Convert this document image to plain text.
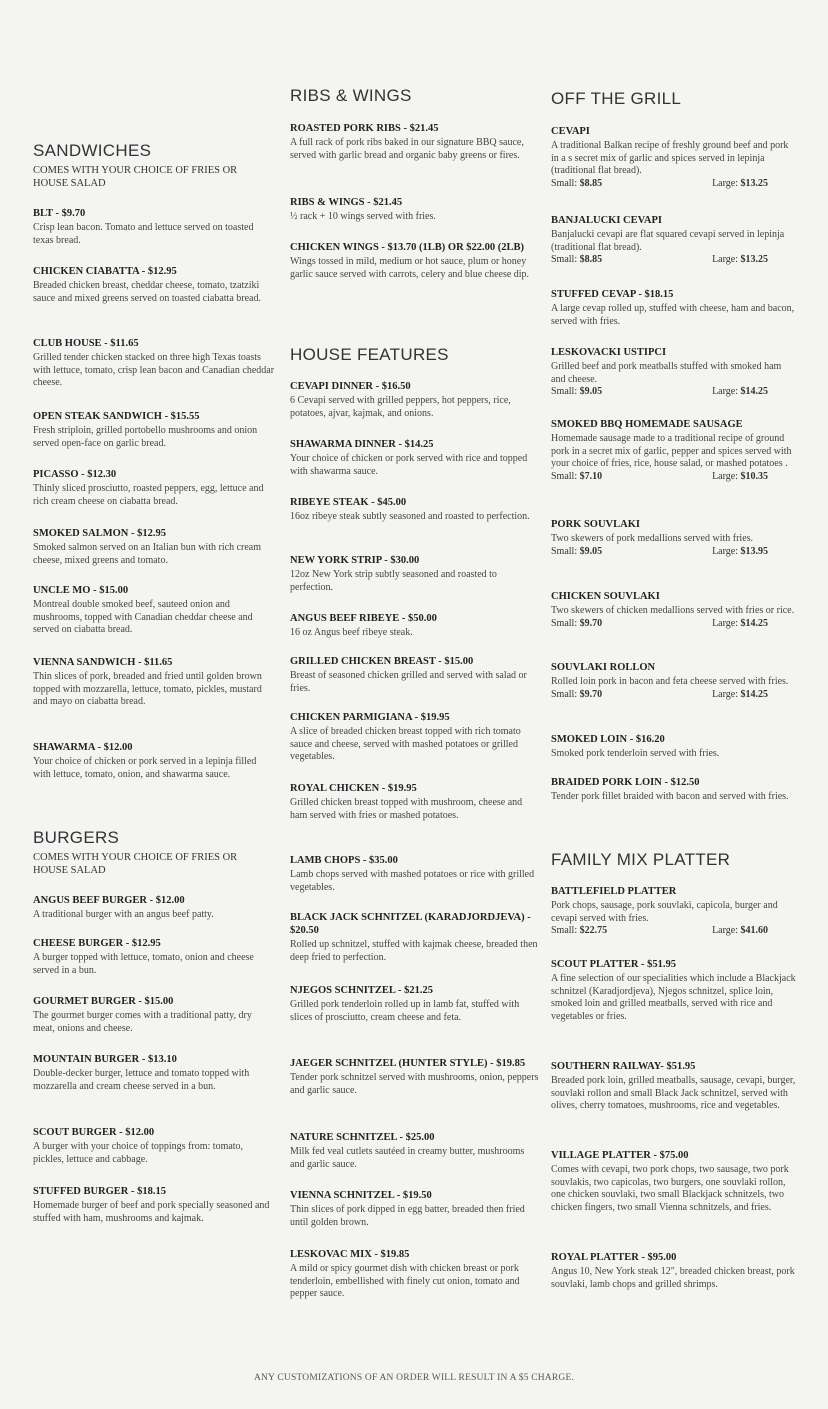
SANDWICHES
COMES WITH YOUR CHOICE OF FRIES OR HOUSE SALAD
BLT - $9.70
Crisp lean bacon. Tomato and lettuce served on toasted texas bread.
CHICKEN CIABATTA - $12.95
Breaded chicken breast, cheddar cheese, tomato, tzatziki sauce and mixed greens served on toasted ciabatta bread.
CLUB HOUSE - $11.65
Grilled tender chicken stacked on three high Texas toasts with lettuce, tomato, crisp lean bacon and Canadian cheddar cheese.
OPEN STEAK SANDWICH - $15.55
Fresh striploin, grilled portobello mushrooms and onion served open-face on garlic bread.
PICASSO - $12.30
Thinly sliced prosciutto, roasted peppers, egg, lettuce and rich cream cheese on ciabatta bread.
SMOKED SALMON - $12.95
Smoked salmon served on an Italian bun with rich cream cheese, mixed greens and tomato.
UNCLE MO - $15.00
Montreal double smoked beef, sauteed onion and mushrooms, topped with Canadian cheddar cheese and served on ciabatta bread.
VIENNA SANDWICH - $11.65
Thin slices of pork, breaded and fried until golden brown topped with mozzarella, lettuce, tomato, pickles, mustard and mayo on ciabatta bread.
SHAWARMA - $12.00
Your choice of chicken or pork served in a lepinja filled with lettuce, tomato, onion, and shawarma sauce.
BURGERS
COMES WITH YOUR CHOICE OF FRIES OR HOUSE SALAD
ANGUS BEEF BURGER - $12.00
A traditional burger with an angus beef patty.
CHEESE BURGER - $12.95
A burger topped with lettuce, tomato, onion and cheese served in a bun.
GOURMET BURGER - $15.00
The gourmet burger comes with a traditional patty, dry meat, onions and cheese.
MOUNTAIN BURGER - $13.10
Double-decker burger, lettuce and tomato topped with mozzarella and cream cheese served in a bun.
SCOUT BURGER - $12.00
A burger with your choice of toppings from: tomato, pickles, lettuce and cabbage.
STUFFED BURGER - $18.15
Homemade burger of beef and pork specially seasoned and stuffed with ham, mushrooms and kajmak.
RIBS & WINGS
ROASTED PORK RIBS - $21.45
A full rack of pork ribs baked in our signature BBQ sauce, served with garlic bread and organic baby greens or fires.
RIBS & WINGS - $21.45
½ rack + 10 wings served with fries.
CHICKEN WINGS - $13.70 (1LB) OR $22.00 (2LB)
Wings tossed in mild, medium or hot sauce, plum or honey garlic sauce served with carrots, celery and blue cheese dip.
HOUSE FEATURES
CEVAPI DINNER - $16.50
6 Cevapi served with grilled peppers, hot peppers, rice, potatoes, ajvar, kajmak, and onions.
SHAWARMA DINNER - $14.25
Your choice of chicken or pork served with rice and topped with shawarma sauce.
RIBEYE STEAK - $45.00
16oz ribeye steak subtly seasoned and roasted to perfection.
NEW YORK STRIP - $30.00
12oz New York strip subtly seasoned and roasted to perfection.
ANGUS BEEF RIBEYE - $50.00
16 oz Angus beef ribeye steak.
GRILLED CHICKEN BREAST - $15.00
Breast of seasoned chicken grilled and served with salad or fries.
CHICKEN PARMIGIANA - $19.95
A slice of breaded chicken breast topped with rich tomato sauce and cheese, served with mashed potatoes or grilled vegetables.
ROYAL CHICKEN - $19.95
Grilled chicken breast topped with mushroom, cheese and ham served with fries or mashed potatoes.
LAMB CHOPS - $35.00
Lamb chops served with mashed potatoes or rice with grilled vegetables.
BLACK JACK SCHNITZEL (KARADJORDJEVA) - $20.50
Rolled up schnitzel, stuffed with kajmak cheese, breaded then deep fried to perfection.
NJEGOS SCHNITZEL - $21.25
Grilled pork tenderloin rolled up in lamb fat, stuffed with slices of prosciutto, cream cheese and feta.
JAEGER SCHNITZEL (HUNTER STYLE) - $19.85
Tender pork schnitzel served with mushrooms, onion, peppers and garlic sauce.
NATURE SCHNITZEL - $25.00
Milk fed veal cutlets sautéed in creamy butter, mushrooms and garlic sauce.
VIENNA SCHNITZEL - $19.50
Thin slices of pork dipped in egg batter, breaded then fried until golden brown.
LESKOVAC MIX - $19.85
A mild or spicy gourmet dish with chicken breast or pork tenderloin, embellished with finely cut onion, tomato and pepper sauce.
OFF THE GRILL
CEVAPI
A traditional Balkan recipe of freshly ground beef and pork in a s secret mix of garlic and spices served in lepinja (traditional flat bread).
Small: $8.85	Large: $13.25
BANJALUCKI CEVAPI
Banjalucki cevapi are flat squared cevapi served in lepinja (traditional flat bread).
Small: $8.85	Large: $13.25
STUFFED CEVAP - $18.15
A large cevap rolled up, stuffed with cheese, ham and bacon, served with fries.
LESKOVACKI USTIPCI
Grilled beef and pork meatballs stuffed with smoked ham and cheese.
Small: $9.05	Large: $14.25
SMOKED BBQ HOMEMADE SAUSAGE
Homemade sausage made to a traditional recipe of ground pork in a secret mix of garlic, pepper and spices served with your choice of fries, rice, house salad, or mashed potatoes .
Small: $7.10	Large: $10.35
PORK SOUVLAKI
Two skewers of pork medallions served with fries.
Small: $9.05	Large: $13.95
CHICKEN SOUVLAKI
Two skewers of chicken medallions served with fries or rice.
Small: $9.70	Large: $14.25
SOUVLAKI ROLLON
Rolled loin pork in bacon and feta cheese served with fries.
Small: $9.70	Large: $14.25
SMOKED LOIN - $16.20
Smoked pork tenderloin served with fries.
BRAIDED PORK LOIN - $12.50
Tender pork fillet braided with bacon and served with fries.
FAMILY MIX PLATTER
BATTLEFIELD PLATTER
Pork chops, sausage, pork souvlaki, capicola, burger and cevapi served with fries.
Small: $22.75	Large: $41.60
SCOUT PLATTER - $51.95
A fine selection of our specialities which include a Blackjack schnitzel (Karadjordjeva), Njegos schnitzel, splice loin, smoked loin and grilled meatballs, served with rice and vegetables or fries.
SOUTHERN RAILWAY- $51.95
Breaded pork loin, grilled meatballs, sausage, cevapi, burger, souvlaki rollon and small Black Jack schnitzel, served with olives, cherry tomatoes, mushrooms, rice and vegetables.
VILLAGE PLATTER - $75.00
Comes with cevapi, two pork chops, two sausage, two pork souvlakis, two capicolas, two burgers, one souvlaki rollon, one chicken souvlaki, two small Blackjack schnitzels, two chicken fingers, two small Vienna schnitzels, and fries.
ROYAL PLATTER - $95.00
Angus 10, New York steak 12", breaded chicken breast, pork souvlaki, lamb chops and grilled shrimps.
ANY CUSTOMIZATIONS OF AN ORDER WILL RESULT IN A $5 CHARGE.
